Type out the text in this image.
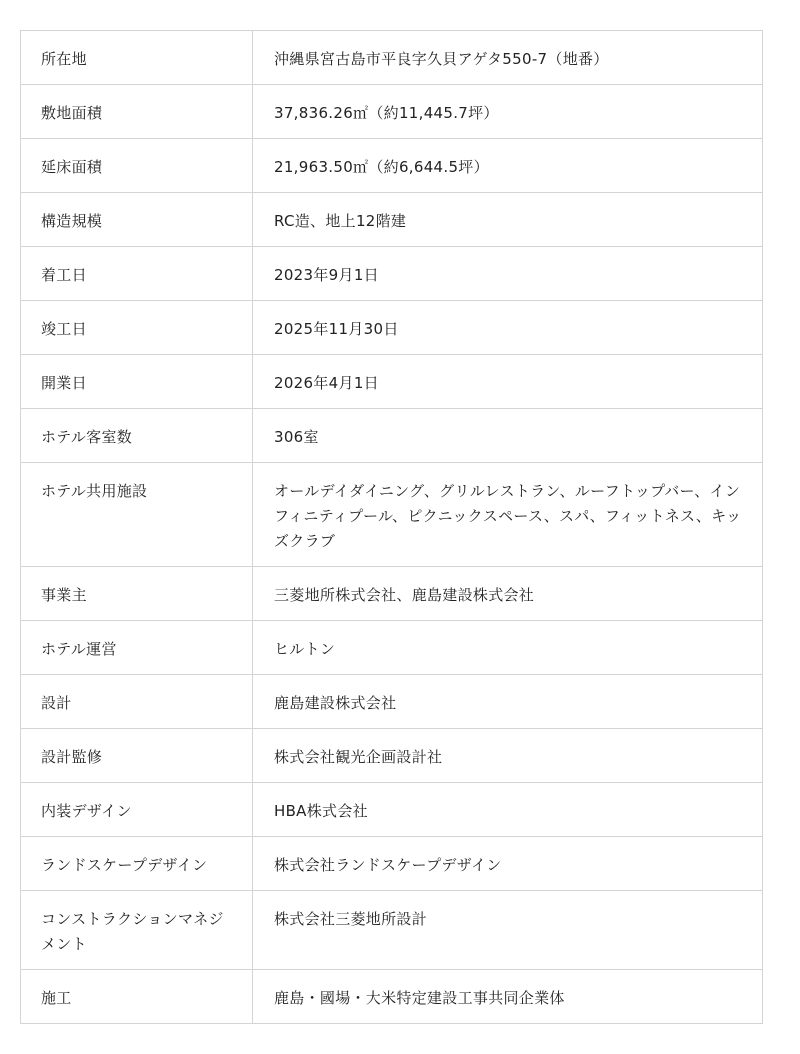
所在地	沖縄県宮古島市平良字久貝アゲタ550-7（地番）
敷地面積	37,836.26㎡（約11,445.7坪）
延床面積	21,963.50㎡（約6,644.5坪）
構造規模	RC造、地上12階建
着工日	2023年9月1日
竣工日	2025年11月30日
開業日	2026年4月1日
ホテル客室数	306室
ホテル共用施設	オールデイダイニング、グリルレストラン、ルーフトップバー、インフィニティプール、ピクニックスペース、スパ、フィットネス、キッズクラブ
事業主	三菱地所株式会社、鹿島建設株式会社
ホテル運営	ヒルトン
設計	鹿島建設株式会社
設計監修	株式会社観光企画設計社
内装デザイン	HBA株式会社
ランドスケープデザイン	株式会社ランドスケープデザイン
コンストラクションマネジメント	株式会社三菱地所設計
施工	鹿島・國場・大米特定建設工事共同企業体
